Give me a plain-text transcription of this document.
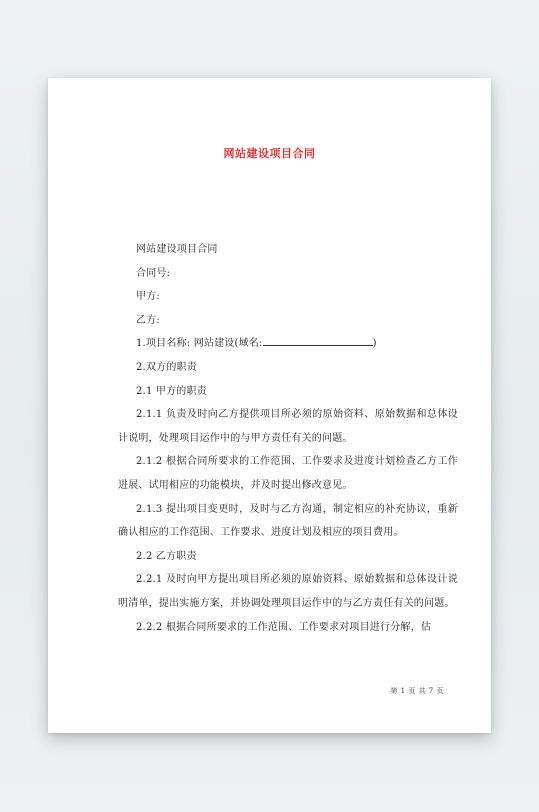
网站建设项目合同

网站建设项目合同

合同号:

甲方:

乙方:

1.项目名称: 网站建设(域名:	)

2.双方的职责

2.1 甲方的职责

2.1.1 负责及时向乙方提供项目所必须的原始资料、原始数据和总体设计说明，处理项目运作中的与甲方责任有关的问题。

2.1.2 根据合同所要求的工作范围、工作要求及进度计划检查乙方工作进展、试用相应的功能模块，并及时提出修改意见。

2.1.3 提出项目变更时，及时与乙方沟通，制定相应的补充协议，重新确认相应的工作范围、工作要求、进度计划及相应的项目费用。

2.2 乙方职责

2.2.1 及时向甲方提出项目所必须的原始资料、原始数据和总体设计说明清单，提出实施方案，并协调处理项目运作中的与乙方责任有关的问题。

2.2.2 根据合同所要求的工作范围、工作要求对项目进行分解，估

第 1 页 共 7 页
